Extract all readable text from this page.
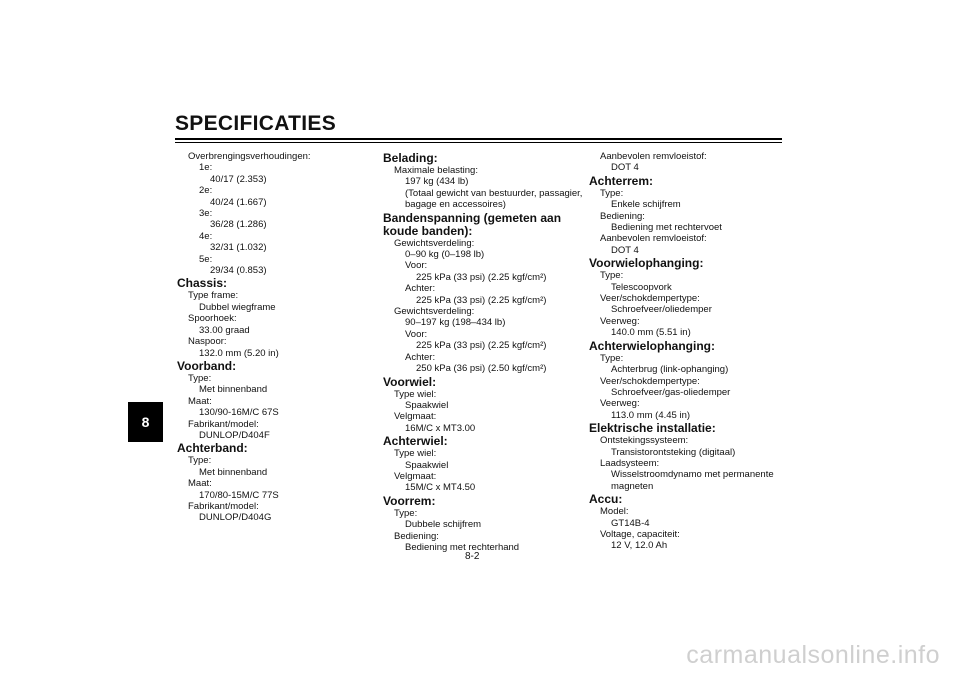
SPECIFICATIES
8
Overbrengingsverhoudingen:
1e:
40/17 (2.353)
2e:
40/24 (1.667)
3e:
36/28 (1.286)
4e:
32/31 (1.032)
5e:
29/34 (0.853)
Chassis:
Type frame:
Dubbel wiegframe
Spoorhoek:
33.00 graad
Naspoor:
132.0 mm (5.20 in)
Voorband:
Type:
Met binnenband
Maat:
130/90-16M/C 67S
Fabrikant/model:
DUNLOP/D404F
Achterband:
Type:
Met binnenband
Maat:
170/80-15M/C 77S
Fabrikant/model:
DUNLOP/D404G
Belading:
Maximale belasting:
197 kg (434 lb)
(Totaal gewicht van bestuurder, passagier,
bagage en accessoires)
Bandenspanning (gemeten aan koude banden):
Gewichtsverdeling:
0–90 kg (0–198 lb)
Voor:
225 kPa (33 psi) (2.25 kgf/cm²)
Achter:
225 kPa (33 psi) (2.25 kgf/cm²)
Gewichtsverdeling:
90–197 kg (198–434 lb)
Voor:
225 kPa (33 psi) (2.25 kgf/cm²)
Achter:
250 kPa (36 psi) (2.50 kgf/cm²)
Voorwiel:
Type wiel:
Spaakwiel
Velgmaat:
16M/C x MT3.00
Achterwiel:
Type wiel:
Spaakwiel
Velgmaat:
15M/C x MT4.50
Voorrem:
Type:
Dubbele schijfrem
Bediening:
Bediening met rechterhand
Aanbevolen remvloeistof:
DOT 4
Achterrem:
Type:
Enkele schijfrem
Bediening:
Bediening met rechtervoet
Aanbevolen remvloeistof:
DOT 4
Voorwielophanging:
Type:
Telescoopvork
Veer/schokdempertype:
Schroefveer/oliedemper
Veerweg:
140.0 mm (5.51 in)
Achterwielophanging:
Type:
Achterbrug (link-ophanging)
Veer/schokdempertype:
Schroefveer/gas-oliedemper
Veerweg:
113.0 mm (4.45 in)
Elektrische installatie:
Ontstekingssysteem:
Transistorontsteking (digitaal)
Laadsysteem:
Wisselstroomdynamo met permanente
magneten
Accu:
Model:
GT14B-4
Voltage, capaciteit:
12 V, 12.0 Ah
8-2
carmanualsonline.info
